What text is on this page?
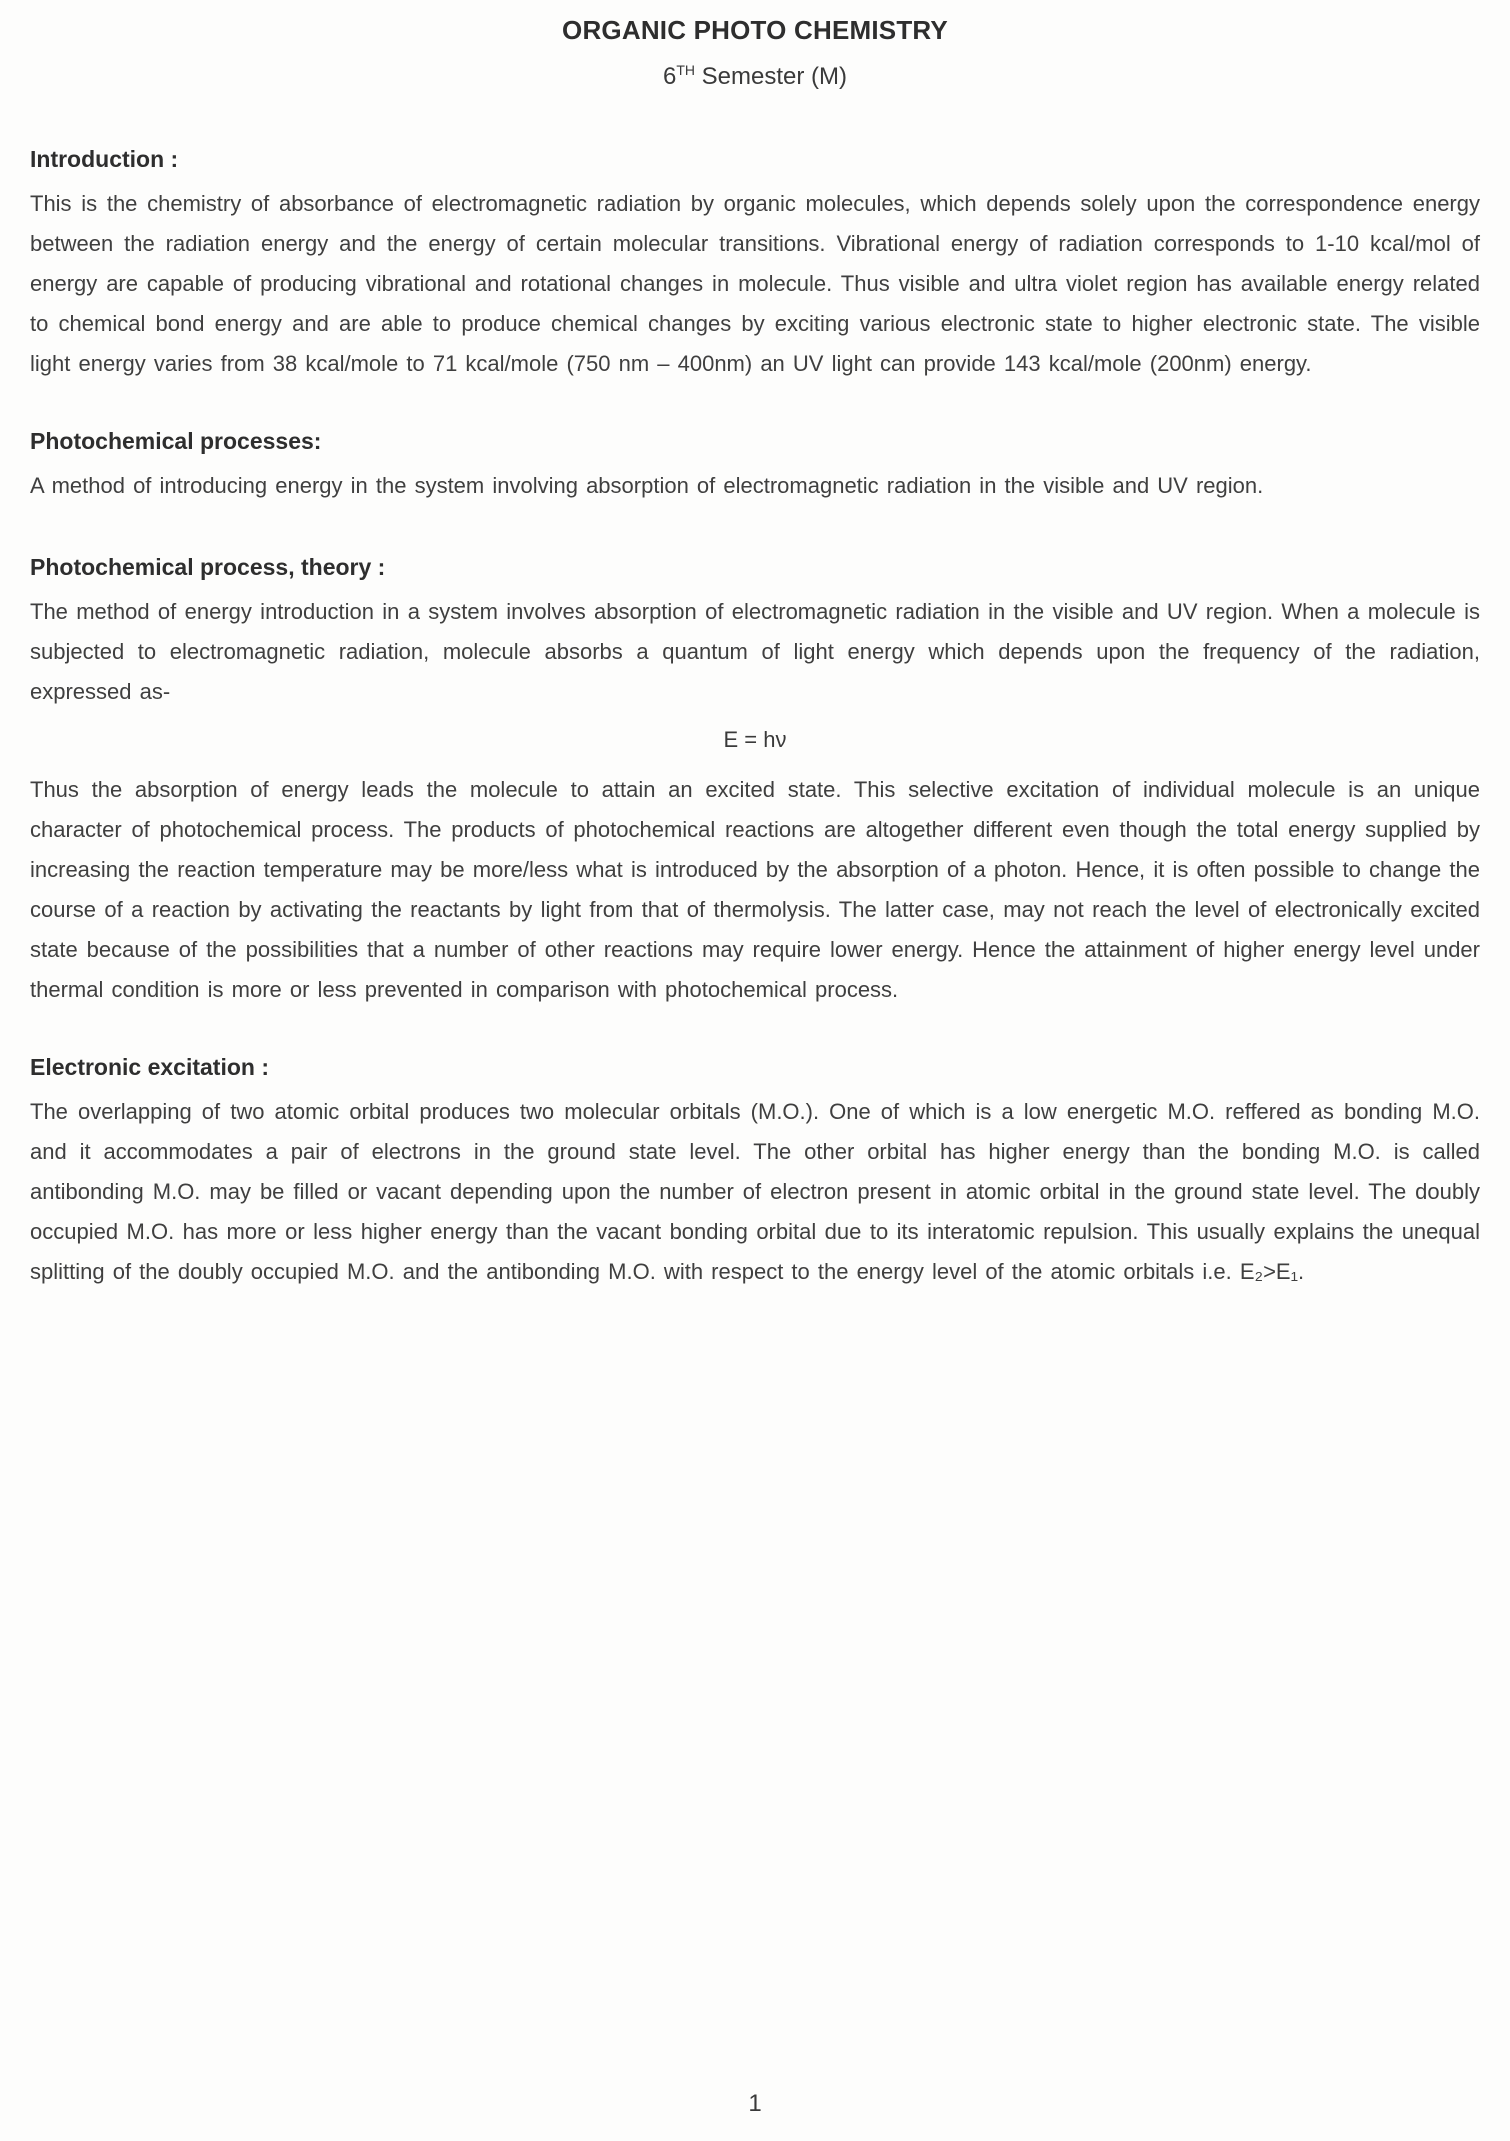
ORGANIC PHOTO CHEMISTRY
6TH Semester (M)
Introduction :

This is the chemistry of absorbance of electromagnetic radiation by organic molecules, which depends solely upon the correspondence energy between the radiation energy and the energy of certain molecular transitions. Vibrational energy of radiation corresponds to 1-10 kcal/mol of energy are capable of producing vibrational and rotational changes in molecule. Thus visible and ultra violet region has available energy related to chemical bond energy and are able to produce chemical changes by exciting various electronic state to higher electronic state. The visible light energy varies from 38 kcal/mole to 71 kcal/mole (750 nm – 400nm) an UV light can provide 143 kcal/mole (200nm) energy.

Photochemical processes:

A method of introducing energy in the system involving absorption of electromagnetic radiation in the visible and UV region.

Photochemical process, theory :

The method of energy introduction in a system involves absorption of electromagnetic radiation in the visible and UV region. When a molecule is subjected to electromagnetic radiation, molecule absorbs a quantum of light energy which depends upon the frequency of the radiation, expressed as-

E = hν

Thus the absorption of energy leads the molecule to attain an excited state. This selective excitation of individual molecule is an unique character of photochemical process. The products of photochemical reactions are altogether different even though the total energy supplied by increasing the reaction temperature may be more/less what is introduced by the absorption of a photon. Hence, it is often possible to change the course of a reaction by activating the reactants by light from that of thermolysis. The latter case, may not reach the level of electronically excited state because of the possibilities that a number of other reactions may require lower energy. Hence the attainment of higher energy level under thermal condition is more or less prevented in comparison with photochemical process.

Electronic excitation :

The overlapping of two atomic orbital produces two molecular orbitals (M.O.). One of which is a low energetic M.O. reffered as bonding M.O. and it accommodates a pair of electrons in the ground state level. The other orbital has higher energy than the bonding M.O. is called antibonding M.O. may be filled or vacant depending upon the number of electron present in atomic orbital in the ground state level. The doubly occupied M.O. has more or less higher energy than the vacant bonding orbital due to its interatomic repulsion. This usually explains the unequal splitting of the doubly occupied M.O. and the antibonding M.O. with respect to the energy level of the atomic orbitals i.e. E₂>E₁.

1
